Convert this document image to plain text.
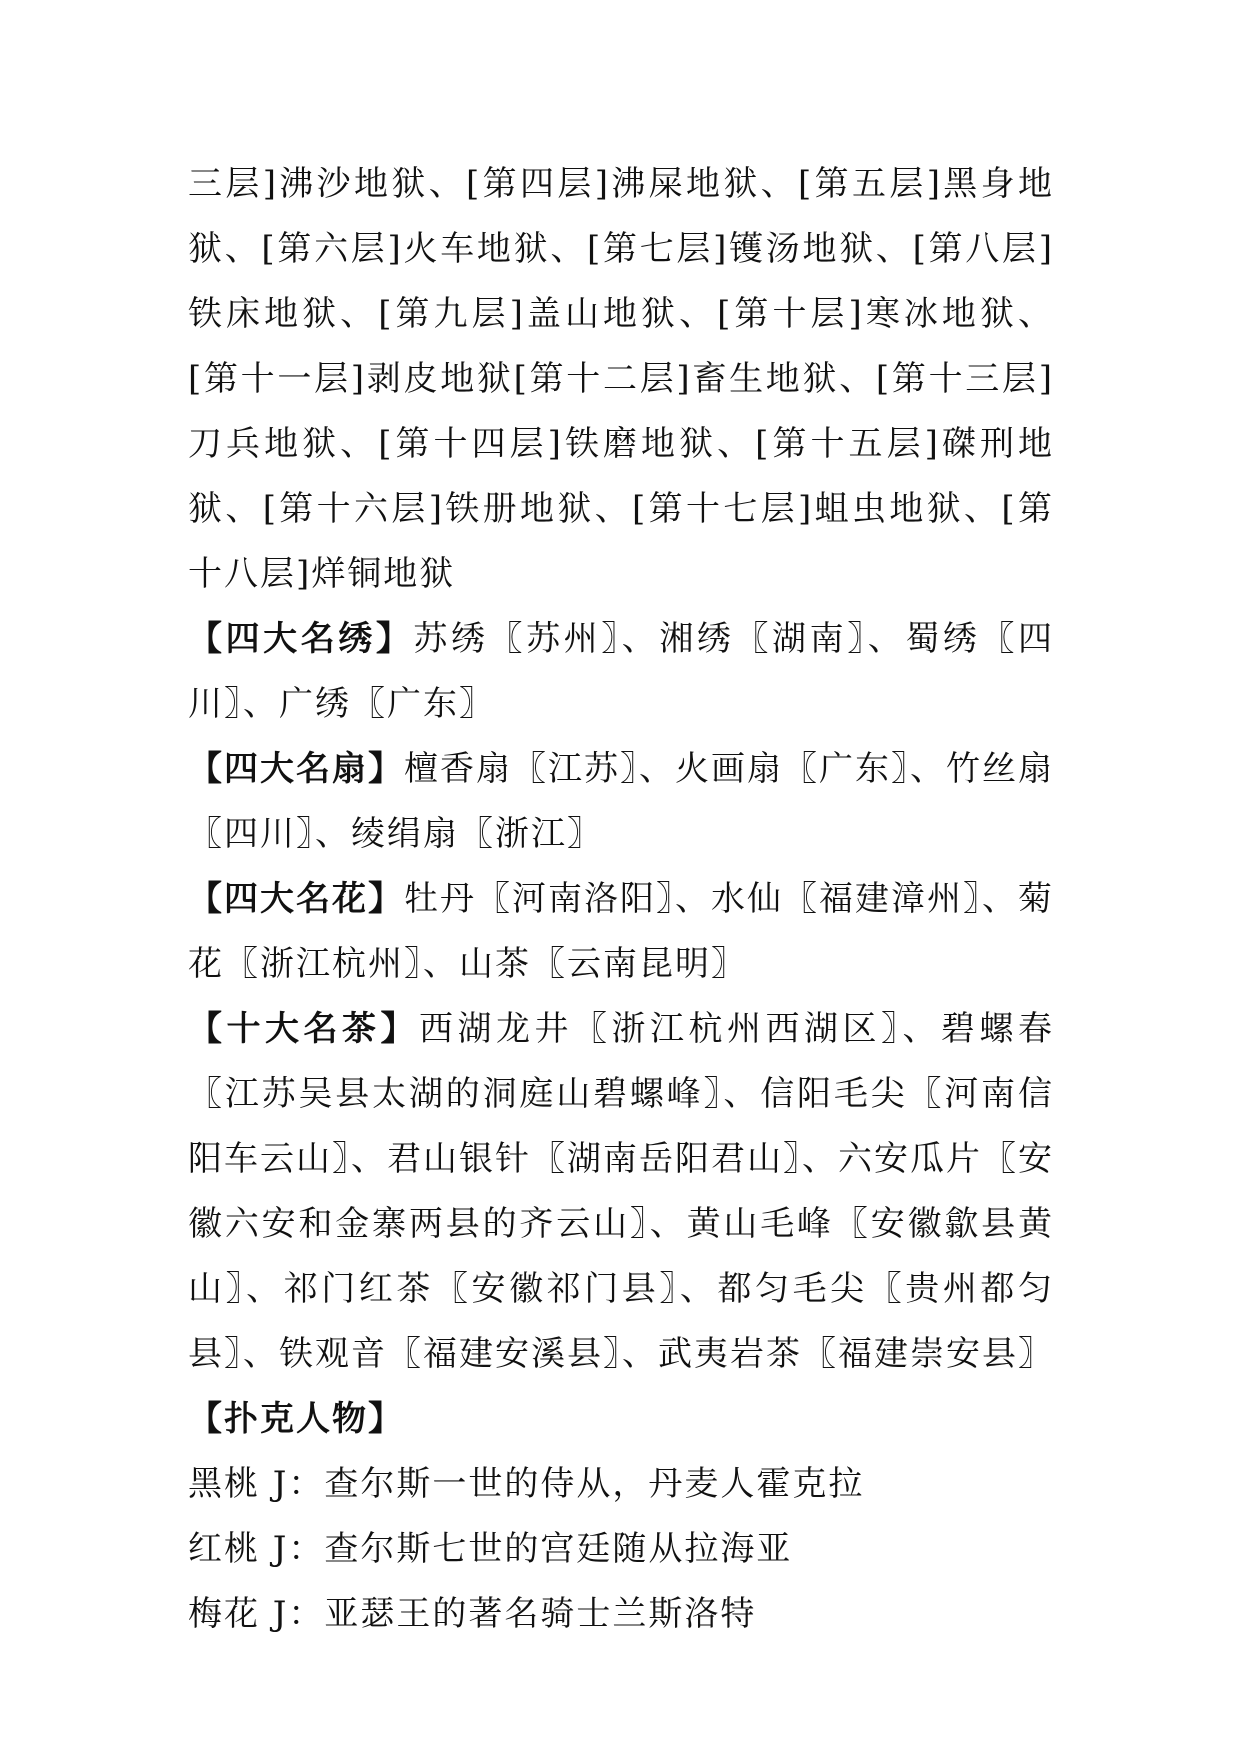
三层]沸沙地狱、[第四层]沸屎地狱、[第五层]黑身地狱、[第六层]火车地狱、[第七层]镬汤地狱、[第八层]铁床地狱、[第九层]盖山地狱、[第十层]寒冰地狱、[第十一层]剥皮地狱[第十二层]畜生地狱、[第十三层]刀兵地狱、[第十四层]铁磨地狱、[第十五层]磔刑地狱、[第十六层]铁册地狱、[第十七层]蛆虫地狱、[第十八层]烊铜地狱

【四大名绣】苏绣〖苏州〗、湘绣〖湖南〗、蜀绣〖四川〗、广绣〖广东〗

【四大名扇】檀香扇〖江苏〗、火画扇〖广东〗、竹丝扇〖四川〗、绫绢扇〖浙江〗

【四大名花】牡丹〖河南洛阳〗、水仙〖福建漳州〗、菊花〖浙江杭州〗、山茶〖云南昆明〗

【十大名茶】西湖龙井〖浙江杭州西湖区〗、碧螺春〖江苏吴县太湖的洞庭山碧螺峰〗、信阳毛尖〖河南信阳车云山〗、君山银针〖湖南岳阳君山〗、六安瓜片〖安徽六安和金寨两县的齐云山〗、黄山毛峰〖安徽歙县黄山〗、祁门红茶〖安徽祁门县〗、都匀毛尖〖贵州都匀县〗、铁观音〖福建安溪县〗、武夷岩茶〖福建崇安县〗

【扑克人物】

黑桃 J：查尔斯一世的侍从，丹麦人霍克拉

红桃 J：查尔斯七世的宫廷随从拉海亚

梅花 J：亚瑟王的著名骑士兰斯洛特
